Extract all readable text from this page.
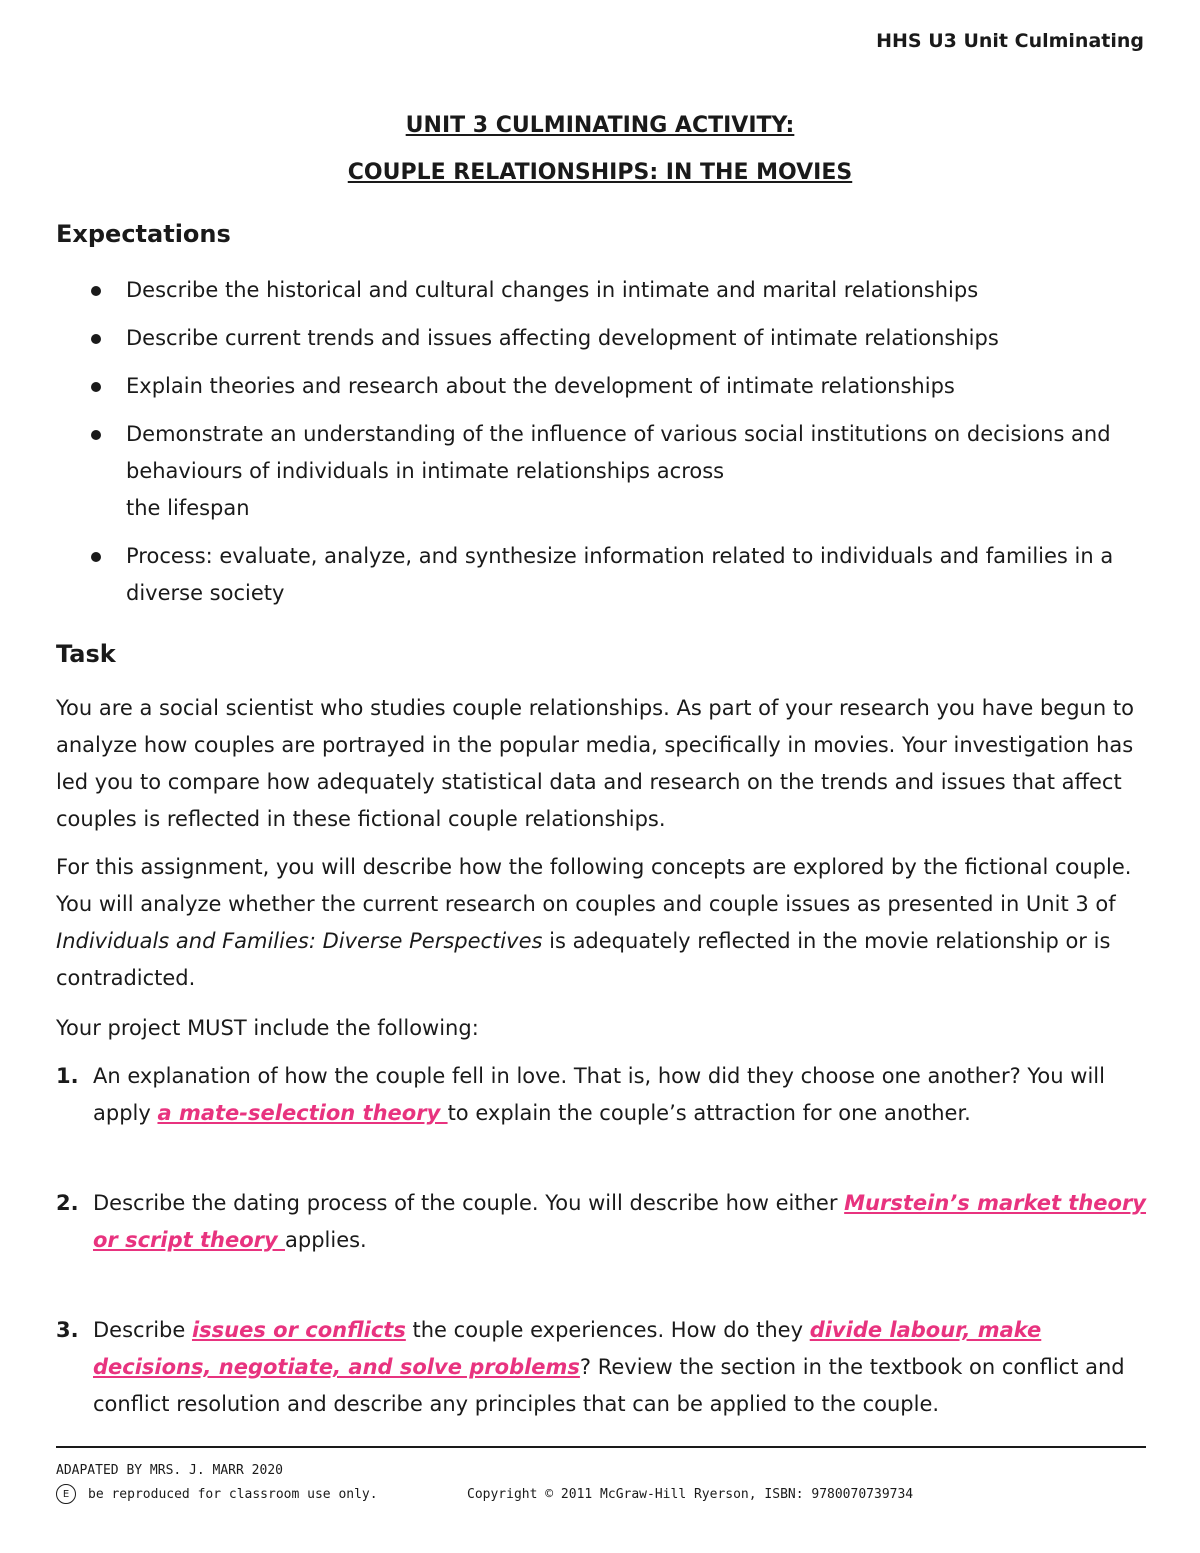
HHS U3 Unit Culminating
UNIT 3 CULMINATING ACTIVITY:
COUPLE RELATIONSHIPS: IN THE MOVIES
Expectations
Describe the historical and cultural changes in intimate and marital relationships
Describe current trends and issues affecting development of intimate relationships
Explain theories and research about the development of intimate relationships
Demonstrate an understanding of the influence of various social institutions on decisions and behaviours of individuals in intimate relationships across
the lifespan
Process: evaluate, analyze, and synthesize information related to individuals and families in a diverse society
Task

You are a social scientist who studies couple relationships. As part of your research you have begun to analyze how couples are portrayed in the popular media, specifically in movies. Your investigation has led you to compare how adequately statistical data and research on the trends and issues that affect couples is reflected in these fictional couple relationships.

For this assignment, you will describe how the following concepts are explored by the fictional couple. You will analyze whether the current research on couples and couple issues as presented in Unit 3 of Individuals and Families: Diverse Perspectives is adequately reflected in the movie relationship or is contradicted.

Your project MUST include the following:

1. An explanation of how the couple fell in love. That is, how did they choose one another? You will apply a mate-selection theory to explain the couple’s attraction for one another.
2. Describe the dating process of the couple. You will describe how either Murstein’s market theory or script theory applies.
3. Describe issues or conflicts the couple experiences. How do they divide labour, make decisions, negotiate, and solve problems? Review the section in the textbook on conflict and conflict resolution and describe any principles that can be applied to the couple.
ADAPATED BY MRS. J. MARR 2020
E	be reproduced for classroom use only.	Copyright © 2011 McGraw-Hill Ryerson, ISBN: 9780070739734
